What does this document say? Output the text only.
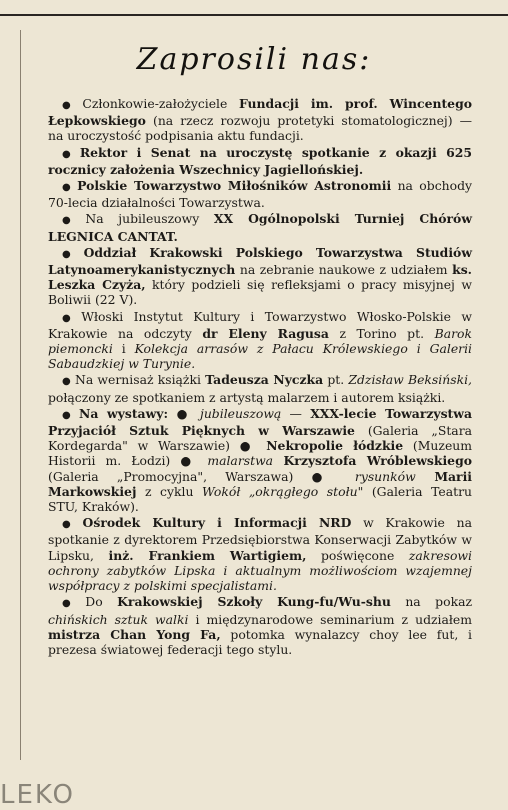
Zaprosili nas:

● Członkowie-założyciele Fundacji im. prof. Wincentego Łepkowskiego (na rzecz rozwoju protetyki stomatologicznej) — na uroczystość podpisania aktu fundacji.

● Rektor i Senat na uroczystę spotkanie z okazji 625 rocznicy założenia Wszechnicy Jagiellońskiej.

● Polskie Towarzystwo Miłośników Astronomii na obchody 70-lecia działalności Towarzystwa.

● Na jubileuszowy XX Ogólnopolski Turniej Chórów LEGNICA CANTAT.

● Oddział Krakowski Polskiego Towarzystwa Studiów Latynoamerykanistycznych na zebranie naukowe z udziałem ks. Leszka Czyża, który podzieli się refleksjami o pracy misyjnej w Boliwii (22 V).

● Włoski Instytut Kultury i Towarzystwo Włosko-Polskie w Krakowie na odczyty dr Eleny Ragusa z Torino pt. Barok piemoncki i Kolekcja arrasów z Pałacu Królewskiego i Galerii Sabaudzkiej w Turynie.

● Na wernisaż książki Tadeusza Nyczka pt. Zdzisław Beksiński, połączony ze spotkaniem z artystą malarzem i autorem książki.

● Na wystawy: ● jubileuszową — XXX-lecie Towarzystwa Przyjaciół Sztuk Pięknych w Warszawie (Galeria „Stara Kordegarda" w Warszawie) ● Nekropolie łódzkie (Muzeum Historii m. Łodzi) ● malarstwa Krzysztofa Wróblewskiego (Galeria „Promocyjna", Warszawa) ● rysunków Marii Markowskiej z cyklu Wokół „okrągłego stołu" (Galeria Teatru STU, Kraków).

● Ośrodek Kultury i Informacji NRD w Krakowie na spotkanie z dyrektorem Przedsiębiorstwa Konserwacji Zabytków w Lipsku, inż. Frankiem Wartigiem, poświęcone zakresowi ochrony zabytków Lipska i aktualnym możliwościom wzajemnej współpracy z polskimi specjalistami.

● Do Krakowskiej Szkoły Kung-fu/Wu-shu na pokaz chińskich sztuk walki i międzynarodowe seminarium z udziałem mistrza Chan Yong Fa, potomka wynalazcy choy lee fut, i prezesa światowej federacji tego stylu.

LEKO
